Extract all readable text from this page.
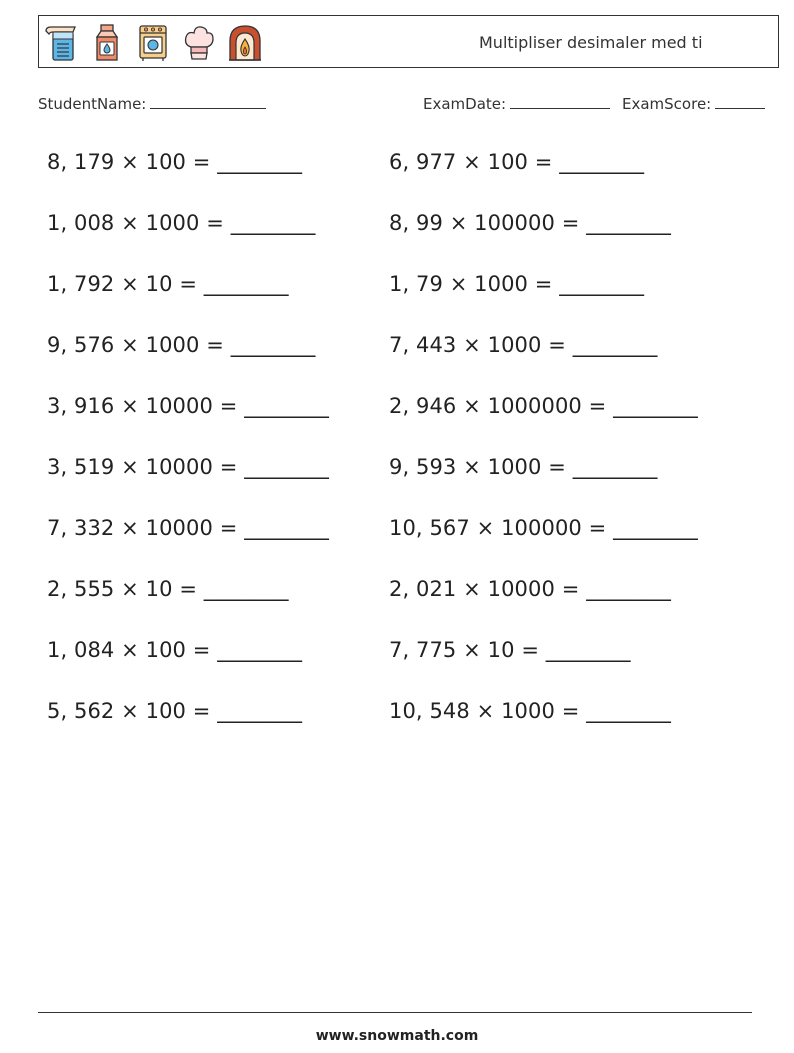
Multipliser desimaler med ti
StudentName:	ExamDate:	ExamScore:
8, 179 × 100 = ________	6, 977 × 100 = ________
1, 008 × 1000 = ________	8, 99 × 100000 = ________
1, 792 × 10 = ________	1, 79 × 1000 = ________
9, 576 × 1000 = ________	7, 443 × 1000 = ________
3, 916 × 10000 = ________	2, 946 × 1000000 = ________
3, 519 × 10000 = ________	9, 593 × 1000 = ________
7, 332 × 10000 = ________	10, 567 × 100000 = ________
2, 555 × 10 = ________	2, 021 × 10000 = ________
1, 084 × 100 = ________	7, 775 × 10 = ________
5, 562 × 100 = ________	10, 548 × 1000 = ________
www.snowmath.com
